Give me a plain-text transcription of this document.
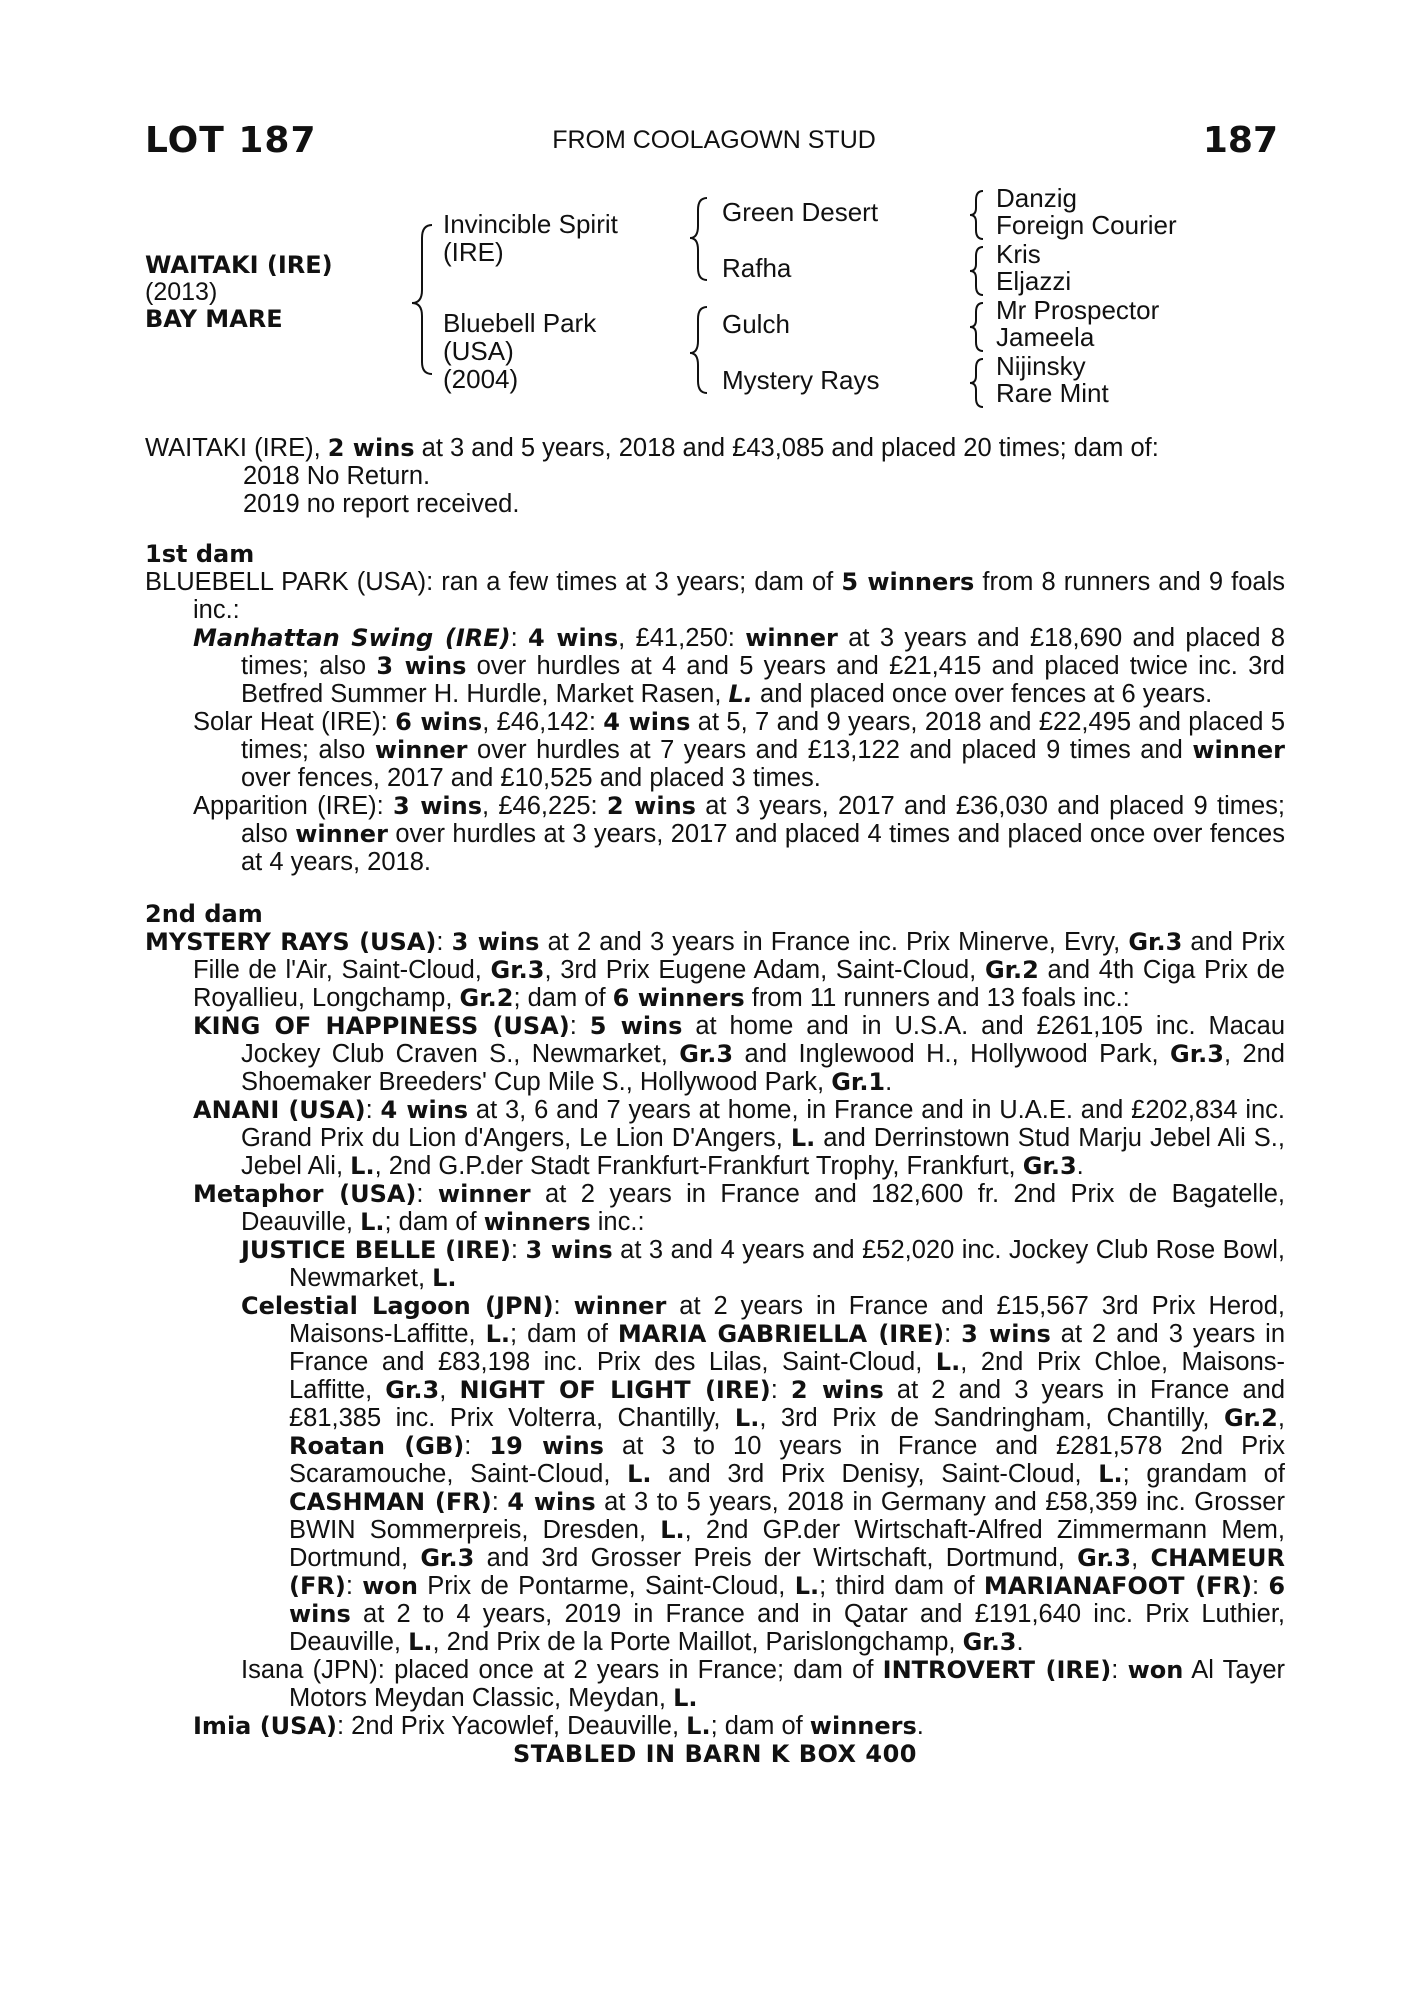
LOT 187	FROM COOLAGOWN STUD	187
WAITAKI (IRE)
(2013)
BAY MARE
Invincible Spirit
(IRE)
Bluebell Park
(USA)
(2004)
Green Desert
Rafha
Gulch
Mystery Rays
Danzig
Foreign Courier
Kris
Eljazzi
Mr Prospector
Jameela
Nijinsky
Rare Mint
WAITAKI (IRE), 2 wins at 3 and 5 years, 2018 and £43,085 and placed 20 times; dam of:
2018 No Return.
2019 no report received.
1st dam
BLUEBELL PARK (USA): ran a few times at 3 years; dam of 5 winners from 8 runners and 9 foals inc.:
Manhattan Swing (IRE): 4 wins, £41,250: winner at 3 years and £18,690 and placed 8 times; also 3 wins over hurdles at 4 and 5 years and £21,415 and placed twice inc. 3rd Betfred Summer H. Hurdle, Market Rasen, L. and placed once over fences at 6 years.
Solar Heat (IRE): 6 wins, £46,142: 4 wins at 5, 7 and 9 years, 2018 and £22,495 and placed 5 times; also winner over hurdles at 7 years and £13,122 and placed 9 times and winner over fences, 2017 and £10,525 and placed 3 times.
Apparition (IRE): 3 wins, £46,225: 2 wins at 3 years, 2017 and £36,030 and placed 9 times; also winner over hurdles at 3 years, 2017 and placed 4 times and placed once over fences at 4 years, 2018.
2nd dam
MYSTERY RAYS (USA): 3 wins at 2 and 3 years in France inc. Prix Minerve, Evry, Gr.3 and Prix Fille de l'Air, Saint-Cloud, Gr.3, 3rd Prix Eugene Adam, Saint-Cloud, Gr.2 and 4th Ciga Prix de Royallieu, Longchamp, Gr.2; dam of 6 winners from 11 runners and 13 foals inc.:
KING OF HAPPINESS (USA): 5 wins at home and in U.S.A. and £261,105 inc. Macau Jockey Club Craven S., Newmarket, Gr.3 and Inglewood H., Hollywood Park, Gr.3, 2nd Shoemaker Breeders' Cup Mile S., Hollywood Park, Gr.1.
ANANI (USA): 4 wins at 3, 6 and 7 years at home, in France and in U.A.E. and £202,834 inc. Grand Prix du Lion d'Angers, Le Lion D'Angers, L. and Derrinstown Stud Marju Jebel Ali S., Jebel Ali, L., 2nd G.P.der Stadt Frankfurt-Frankfurt Trophy, Frankfurt, Gr.3.
Metaphor (USA): winner at 2 years in France and 182,600 fr. 2nd Prix de Bagatelle, Deauville, L.; dam of winners inc.:
JUSTICE BELLE (IRE): 3 wins at 3 and 4 years and £52,020 inc. Jockey Club Rose Bowl, Newmarket, L.
Celestial Lagoon (JPN): winner at 2 years in France and £15,567 3rd Prix Herod, Maisons-Laffitte, L.; dam of MARIA GABRIELLA (IRE): 3 wins at 2 and 3 years in France and £83,198 inc. Prix des Lilas, Saint-Cloud, L., 2nd Prix Chloe, Maisons-Laffitte, Gr.3, NIGHT OF LIGHT (IRE): 2 wins at 2 and 3 years in France and £81,385 inc. Prix Volterra, Chantilly, L., 3rd Prix de Sandringham, Chantilly, Gr.2, Roatan (GB): 19 wins at 3 to 10 years in France and £281,578 2nd Prix Scaramouche, Saint-Cloud, L. and 3rd Prix Denisy, Saint-Cloud, L.; grandam of CASHMAN (FR): 4 wins at 3 to 5 years, 2018 in Germany and £58,359 inc. Grosser BWIN Sommerpreis, Dresden, L., 2nd GP.der Wirtschaft-Alfred Zimmermann Mem, Dortmund, Gr.3 and 3rd Grosser Preis der Wirtschaft, Dortmund, Gr.3, CHAMEUR (FR): won Prix de Pontarme, Saint-Cloud, L.; third dam of MARIANAFOOT (FR): 6 wins at 2 to 4 years, 2019 in France and in Qatar and £191,640 inc. Prix Luthier, Deauville, L., 2nd Prix de la Porte Maillot, Parislongchamp, Gr.3.
Isana (JPN): placed once at 2 years in France; dam of INTROVERT (IRE): won Al Tayer Motors Meydan Classic, Meydan, L.
Imia (USA): 2nd Prix Yacowlef, Deauville, L.; dam of winners.
STABLED IN BARN K BOX 400
